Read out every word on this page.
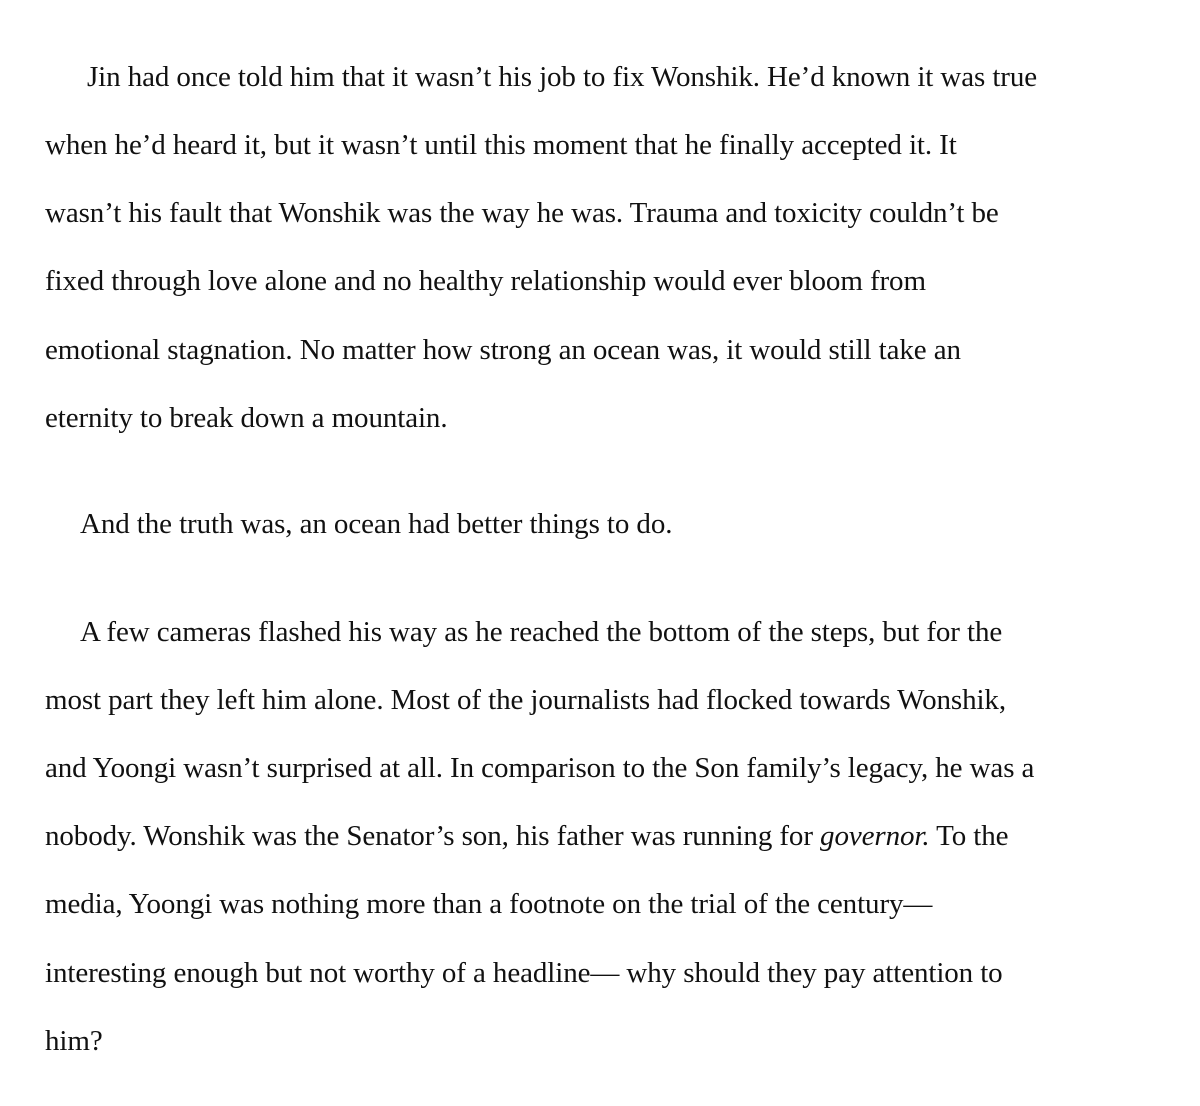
Jin had once told him that it wasn’t his job to fix Wonshik. He’d known it was true
when he’d heard it, but it wasn’t until this moment that he finally accepted it. It
wasn’t his fault that Wonshik was the way he was. Trauma and toxicity couldn’t be
fixed through love alone and no healthy relationship would ever bloom from
emotional stagnation. No matter how strong an ocean was, it would still take an
eternity to break down a mountain.
And the truth was, an ocean had better things to do.
A few cameras flashed his way as he reached the bottom of the steps, but for the
most part they left him alone. Most of the journalists had flocked towards Wonshik,
and Yoongi wasn’t surprised at all. In comparison to the Son family’s legacy, he was a
nobody. Wonshik was the Senator’s son, his father was running for governor. To the
media, Yoongi was nothing more than a footnote on the trial of the century—
interesting enough but not worthy of a headline— why should they pay attention to
him?
